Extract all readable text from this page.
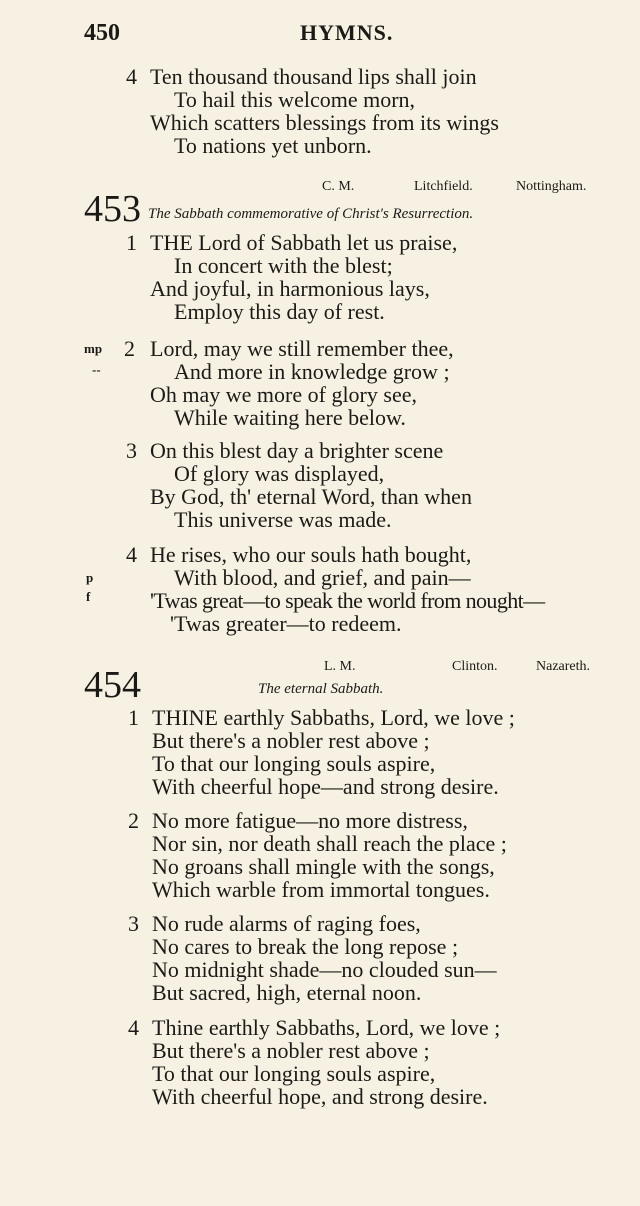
450	HYMNS.
4 Ten thousand thousand lips shall join
To hail this welcome morn,
Which scatters blessings from its wings
To nations yet unborn.
C. M.	Litchfield.	Nottingham.
453 The Sabbath commemorative of Christ's Resurrection.
1 THE Lord of Sabbath let us praise,
In concert with the blest;
And joyful, in harmonious lays,
Employ this day of rest.
mp
--
2 Lord, may we still remember thee,
And more in knowledge grow ;
Oh may we more of glory see,
While waiting here below.
3 On this blest day a brighter scene
Of glory was displayed,
By God, th' eternal Word, than when
This universe was made.
4 He rises, who our souls hath bought,
p	With blood, and grief, and pain—
f	'Twas great—to speak the world from nought—
'Twas greater—to redeem.
L. M.	Clinton.	Nazareth.
454	The eternal Sabbath.
1 THINE earthly Sabbaths, Lord, we love ;
But there's a nobler rest above ;
To that our longing souls aspire,
With cheerful hope—and strong desire.
2 No more fatigue—no more distress,
Nor sin, nor death shall reach the place ;
No groans shall mingle with the songs,
Which warble from immortal tongues.
3 No rude alarms of raging foes,
No cares to break the long repose ;
No midnight shade—no clouded sun—
But sacred, high, eternal noon.
4 Thine earthly Sabbaths, Lord, we love ;
But there's a nobler rest above ;
To that our longing souls aspire,
With cheerful hope, and strong desire.
